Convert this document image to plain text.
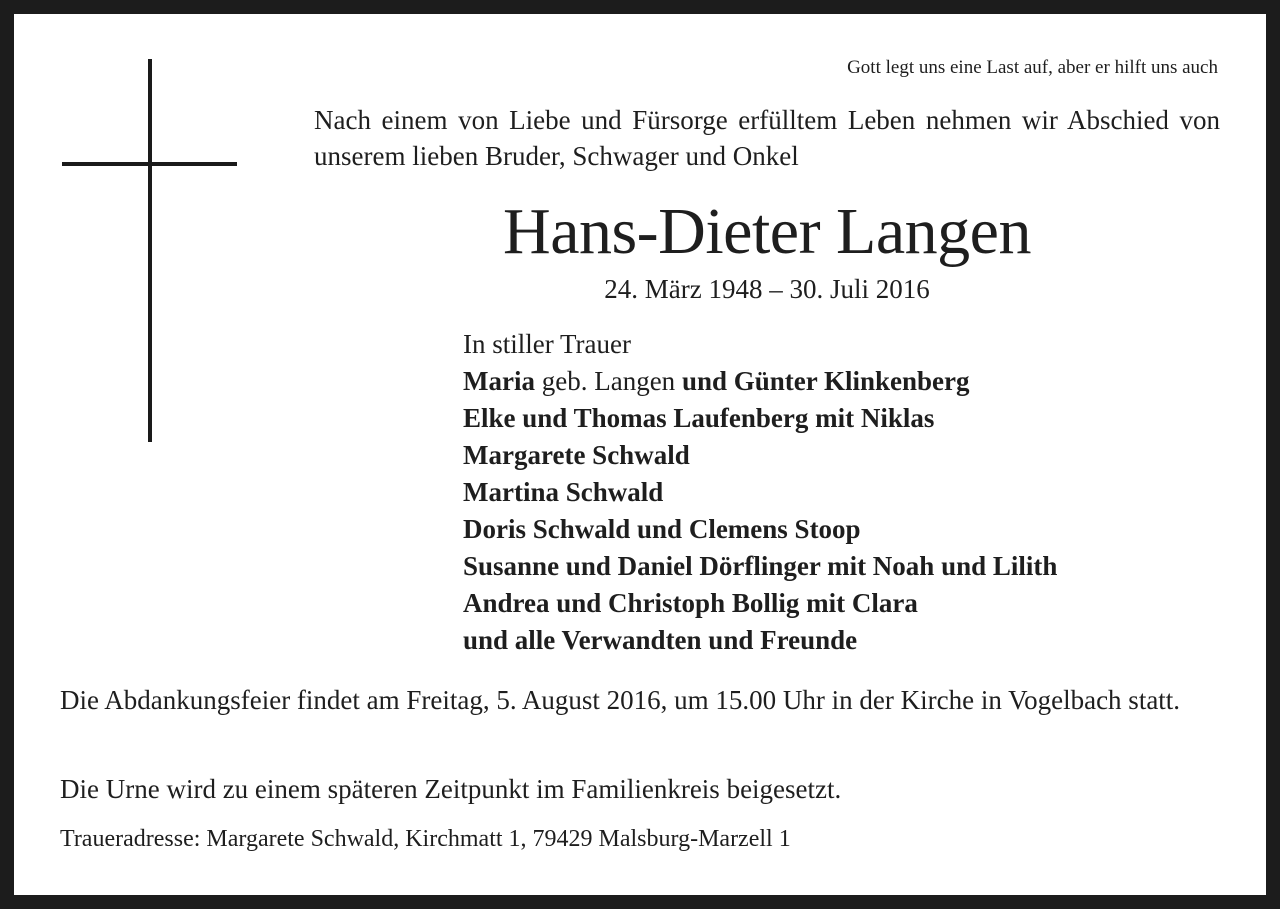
Gott legt uns eine Last auf, aber er hilft uns auch
Nach einem von Liebe und Fürsorge erfülltem Leben nehmen wir Abschied von unserem lieben Bruder, Schwager und Onkel
Hans-Dieter Langen
24. März 1948 – 30. Juli 2016
In stiller Trauer
Maria geb. Langen und Günter Klinkenberg
Elke und Thomas Laufenberg mit Niklas
Margarete Schwald
Martina Schwald
Doris Schwald und Clemens Stoop
Susanne und Daniel Dörflinger mit Noah und Lilith
Andrea und Christoph Bollig mit Clara
und alle Verwandten und Freunde
Die Abdankungsfeier findet am Freitag, 5. August 2016, um 15.00 Uhr in der Kirche in Vogelbach statt.
Die Urne wird zu einem späteren Zeitpunkt im Familienkreis beigesetzt.
Traueradresse: Margarete Schwald, Kirchmatt 1, 79429 Malsburg-Marzell 1
